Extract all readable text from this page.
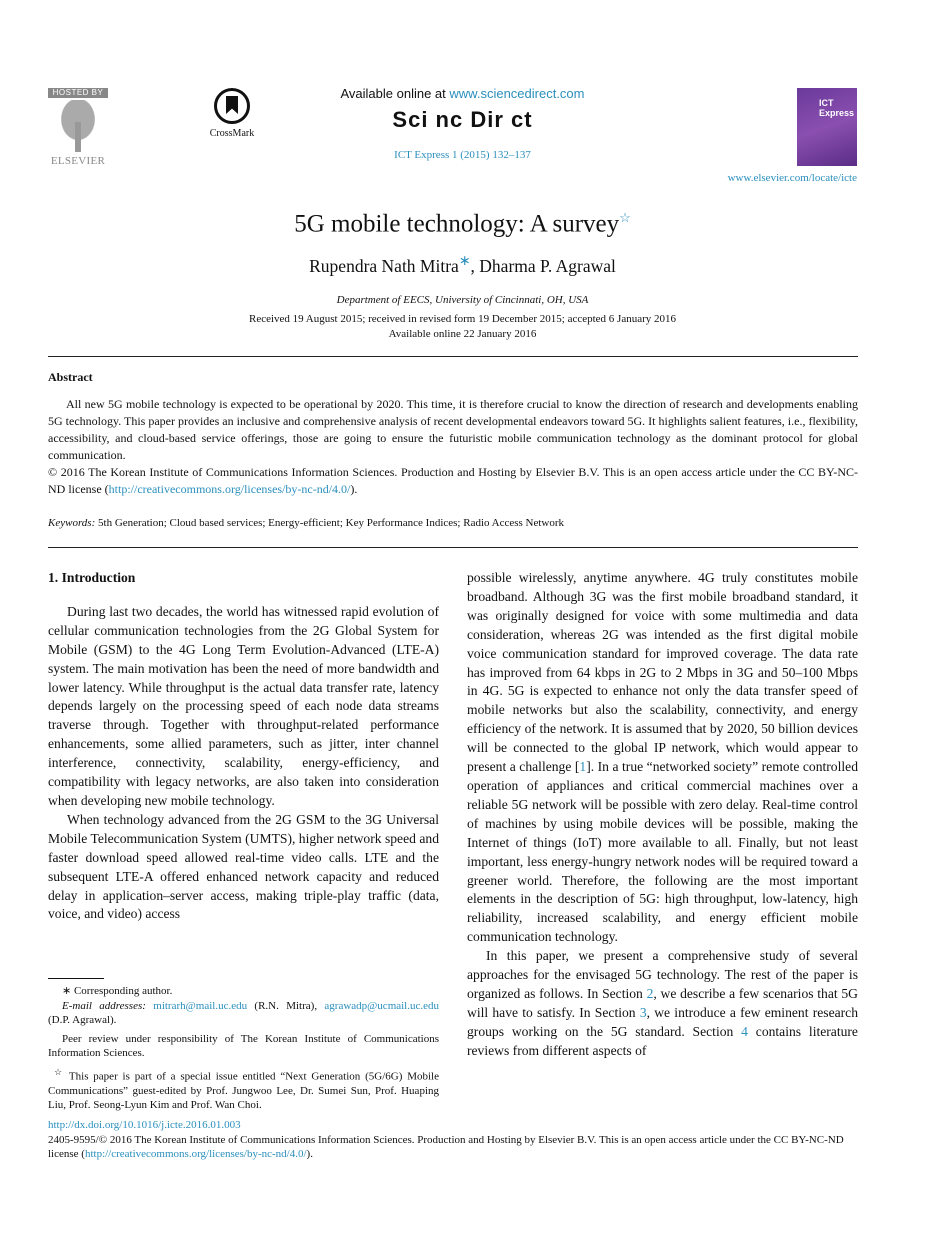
HOSTED BY
ELSEVIER
CrossMark
Available online at www.sciencedirect.com
Sci nc Dir ct
ICT Express 1 (2015) 132–137
ICT Express
www.elsevier.com/locate/icte
5G mobile technology: A survey☆
Rupendra Nath Mitra∗, Dharma P. Agrawal
Department of EECS, University of Cincinnati, OH, USA
Received 19 August 2015; received in revised form 19 December 2015; accepted 6 January 2016
Available online 22 January 2016
Abstract

All new 5G mobile technology is expected to be operational by 2020. This time, it is therefore crucial to know the direction of research and developments enabling 5G technology. This paper provides an inclusive and comprehensive analysis of recent developmental endeavors toward 5G. It highlights salient features, i.e., flexibility, accessibility, and cloud-based service offerings, those are going to ensure the futuristic mobile communication technology as the dominant protocol for global communication.

© 2016 The Korean Institute of Communications Information Sciences. Production and Hosting by Elsevier B.V. This is an open access article under the CC BY-NC-ND license (http://creativecommons.org/licenses/by-nc-nd/4.0/).

Keywords: 5th Generation; Cloud based services; Energy-efficient; Key Performance Indices; Radio Access Network
1. Introduction

During last two decades, the world has witnessed rapid evolution of cellular communication technologies from the 2G Global System for Mobile (GSM) to the 4G Long Term Evolution-Advanced (LTE-A) system. The main motivation has been the need of more bandwidth and lower latency. While throughput is the actual data transfer rate, latency depends largely on the processing speed of each node data streams traverse through. Together with throughput-related performance enhancements, some allied parameters, such as jitter, inter channel interference, connectivity, scalability, energy-efficiency, and compatibility with legacy networks, are also taken into consideration when developing new mobile technology.

When technology advanced from the 2G GSM to the 3G Universal Mobile Telecommunication System (UMTS), higher network speed and faster download speed allowed real-time video calls. LTE and the subsequent LTE-A offered enhanced network capacity and reduced delay in application–server access, making triple-play traffic (data, voice, and video) access

possible wirelessly, anytime anywhere. 4G truly constitutes mobile broadband. Although 3G was the first mobile broadband standard, it was originally designed for voice with some multimedia and data consideration, whereas 2G was intended as the first digital mobile voice communication standard for improved coverage. The data rate has improved from 64 kbps in 2G to 2 Mbps in 3G and 50–100 Mbps in 4G. 5G is expected to enhance not only the data transfer speed of mobile networks but also the scalability, connectivity, and energy efficiency of the network. It is assumed that by 2020, 50 billion devices will be connected to the global IP network, which would appear to present a challenge [1]. In a true “networked society” remote controlled operation of appliances and critical commercial machines over a reliable 5G network will be possible with zero delay. Real-time control of machines by using mobile devices will be possible, making the Internet of things (IoT) more available to all. Finally, but not least important, less energy-hungry network nodes will be required toward a greener world. Therefore, the following are the most important elements in the description of 5G: high throughput, low-latency, high reliability, increased scalability, and energy efficient mobile communication technology.

In this paper, we present a comprehensive study of several approaches for the envisaged 5G technology. The rest of the paper is organized as follows. In Section 2, we describe a few scenarios that 5G will have to satisfy. In Section 3, we introduce a few eminent research groups working on the 5G standard. Section 4 contains literature reviews from different aspects of

∗ Corresponding author.

E-mail addresses: mitrarh@mail.uc.edu (R.N. Mitra), agrawadp@ucmail.uc.edu (D.P. Agrawal).

Peer review under responsibility of The Korean Institute of Communications Information Sciences.

☆ This paper is part of a special issue entitled “Next Generation (5G/6G) Mobile Communications” guest-edited by Prof. Jungwoo Lee, Dr. Sumei Sun, Prof. Huaping Liu, Prof. Seong-Lyun Kim and Prof. Wan Choi.

http://dx.doi.org/10.1016/j.icte.2016.01.003
2405-9595/© 2016 The Korean Institute of Communications Information Sciences. Production and Hosting by Elsevier B.V. This is an open access article under the CC BY-NC-ND license (http://creativecommons.org/licenses/by-nc-nd/4.0/).
